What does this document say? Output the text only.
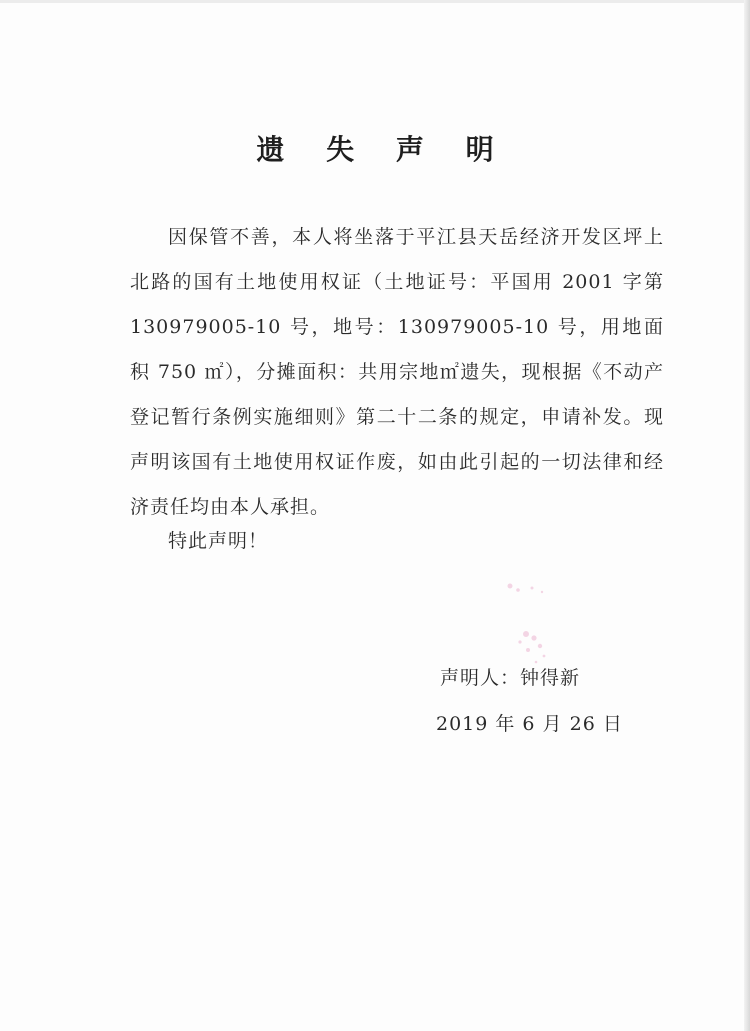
遗 失 声 明
因保管不善，本人将坐落于平江县天岳经济开发区坪上北路的国有土地使用权证（土地证号：平国用 2001 字第 130979005-10 号，地号：130979005-10 号，用地面积 750 ㎡），分摊面积：共用宗地㎡遗失，现根据《不动产登记暂行条例实施细则》第二十二条的规定，申请补发。现声明该国有土地使用权证作废，如由此引起的一切法律和经济责任均由本人承担。
特此声明！
声明人：钟得新
2019 年 6 月 26 日
